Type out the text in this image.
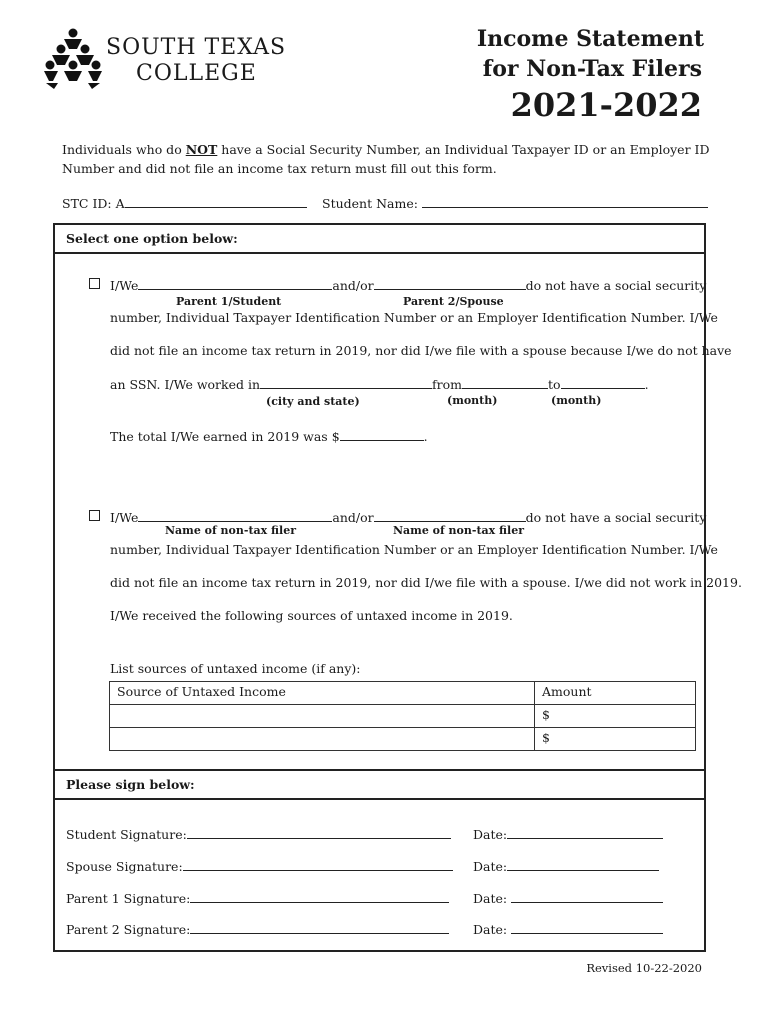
SOUTH TEXAS
COLLEGE
Income Statement
for Non-Tax Filers
2021-2022
Individuals who do NOT have a Social Security Number, an Individual Taxpayer ID or an Employer ID
Number and did not file an income tax return must fill out this form.
STC ID: A	Student Name:
Select one option below:
I/We	and/or	do not have a social security
Parent 1/Student	Parent 2/Spouse
number, Individual Taxpayer Identification Number or an Employer Identification Number. I/We
did not file an income tax return in 2019, nor did I/we file with a spouse because I/we do not have
an SSN. I/We worked in	from	to	.
(city and state)	(month)	(month)
The total I/We earned in 2019 was $	.
I/We	and/or	do not have a social security
Name of non-tax filer	Name of non-tax filer
number, Individual Taxpayer Identification Number or an Employer Identification Number. I/We
did not file an income tax return in 2019, nor did I/we file with a spouse. I/we did not work in 2019.
I/We received the following sources of untaxed income in 2019.
List sources of untaxed income (if any):
Source of Untaxed Income	Amount
	$
	$
Please sign below:
Student Signature:	Date:
Spouse Signature:	Date:
Parent 1 Signature:	Date:
Parent 2 Signature:	Date:
Revised 10-22-2020
